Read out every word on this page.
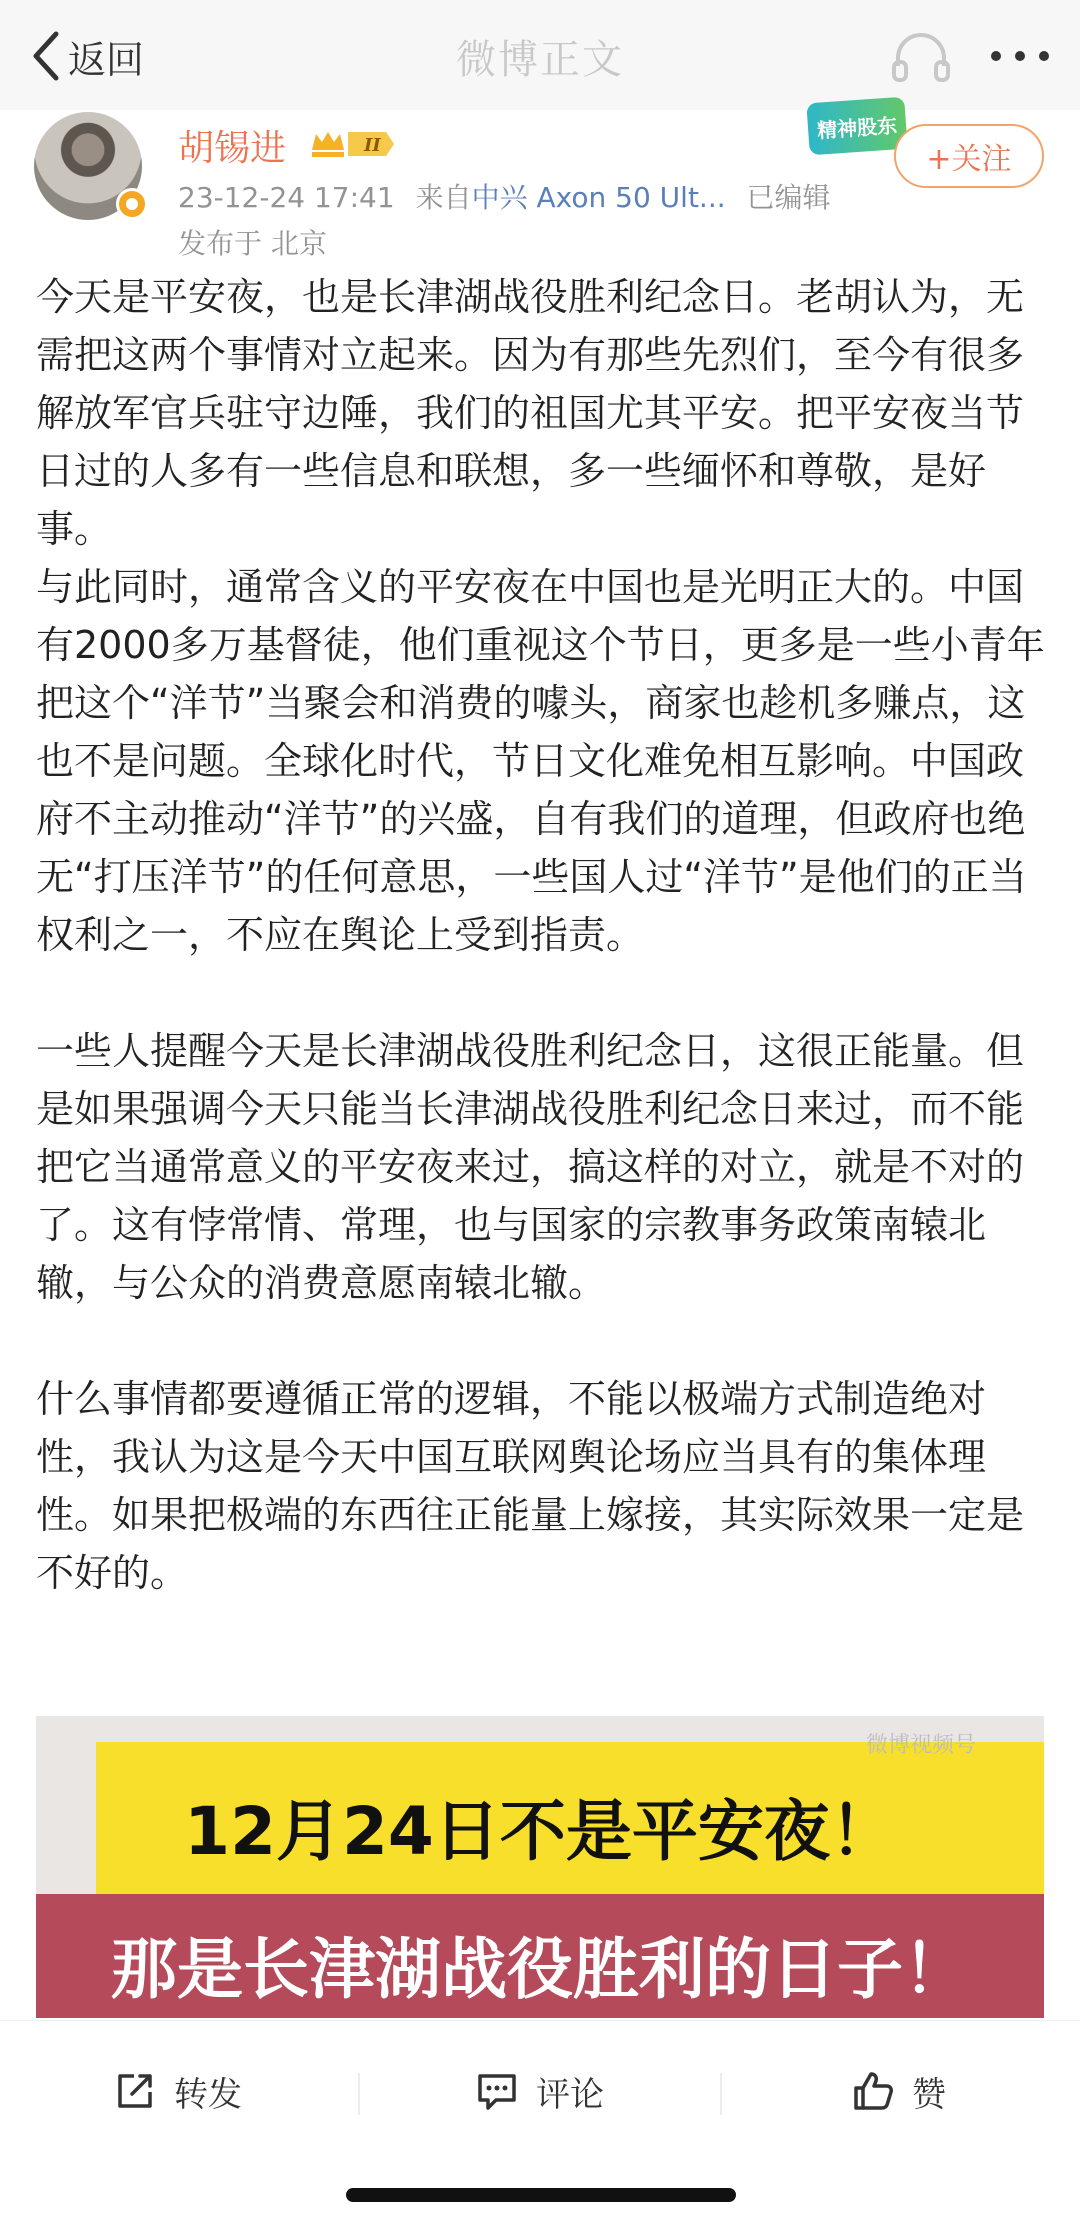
返回	微博正文
胡锡进	II
23-12-24 17:41 来自中兴 Axon 50 Ult... 已编辑
发布于 北京
精神股东
+关注

今天是平安夜，也是长津湖战役胜利纪念日。老胡认为，无需把这两个事情对立起来。因为有那些先烈们，至今有很多解放军官兵驻守边陲，我们的祖国尤其平安。把平安夜当节日过的人多有一些信息和联想，多一些缅怀和尊敬，是好事。

与此同时，通常含义的平安夜在中国也是光明正大的。中国有2000多万基督徒，他们重视这个节日，更多是一些小青年把这个“洋节”当聚会和消费的噱头，商家也趁机多赚点，这也不是问题。全球化时代，节日文化难免相互影响。中国政府不主动推动“洋节”的兴盛，自有我们的道理，但政府也绝无“打压洋节”的任何意思，一些国人过“洋节”是他们的正当权利之一，不应在舆论上受到指责。

一些人提醒今天是长津湖战役胜利纪念日，这很正能量。但是如果强调今天只能当长津湖战役胜利纪念日来过，而不能把它当通常意义的平安夜来过，搞这样的对立，就是不对的了。这有悖常情、常理，也与国家的宗教事务政策南辕北辙，与公众的消费意愿南辕北辙。

什么事情都要遵循正常的逻辑，不能以极端方式制造绝对性，我认为这是今天中国互联网舆论场应当具有的集体理性。如果把极端的东西往正能量上嫁接，其实际效果一定是不好的。

微博视频号
12月24日不是平安夜！
那是长津湖战役胜利的日子！
转发	评论	赞
